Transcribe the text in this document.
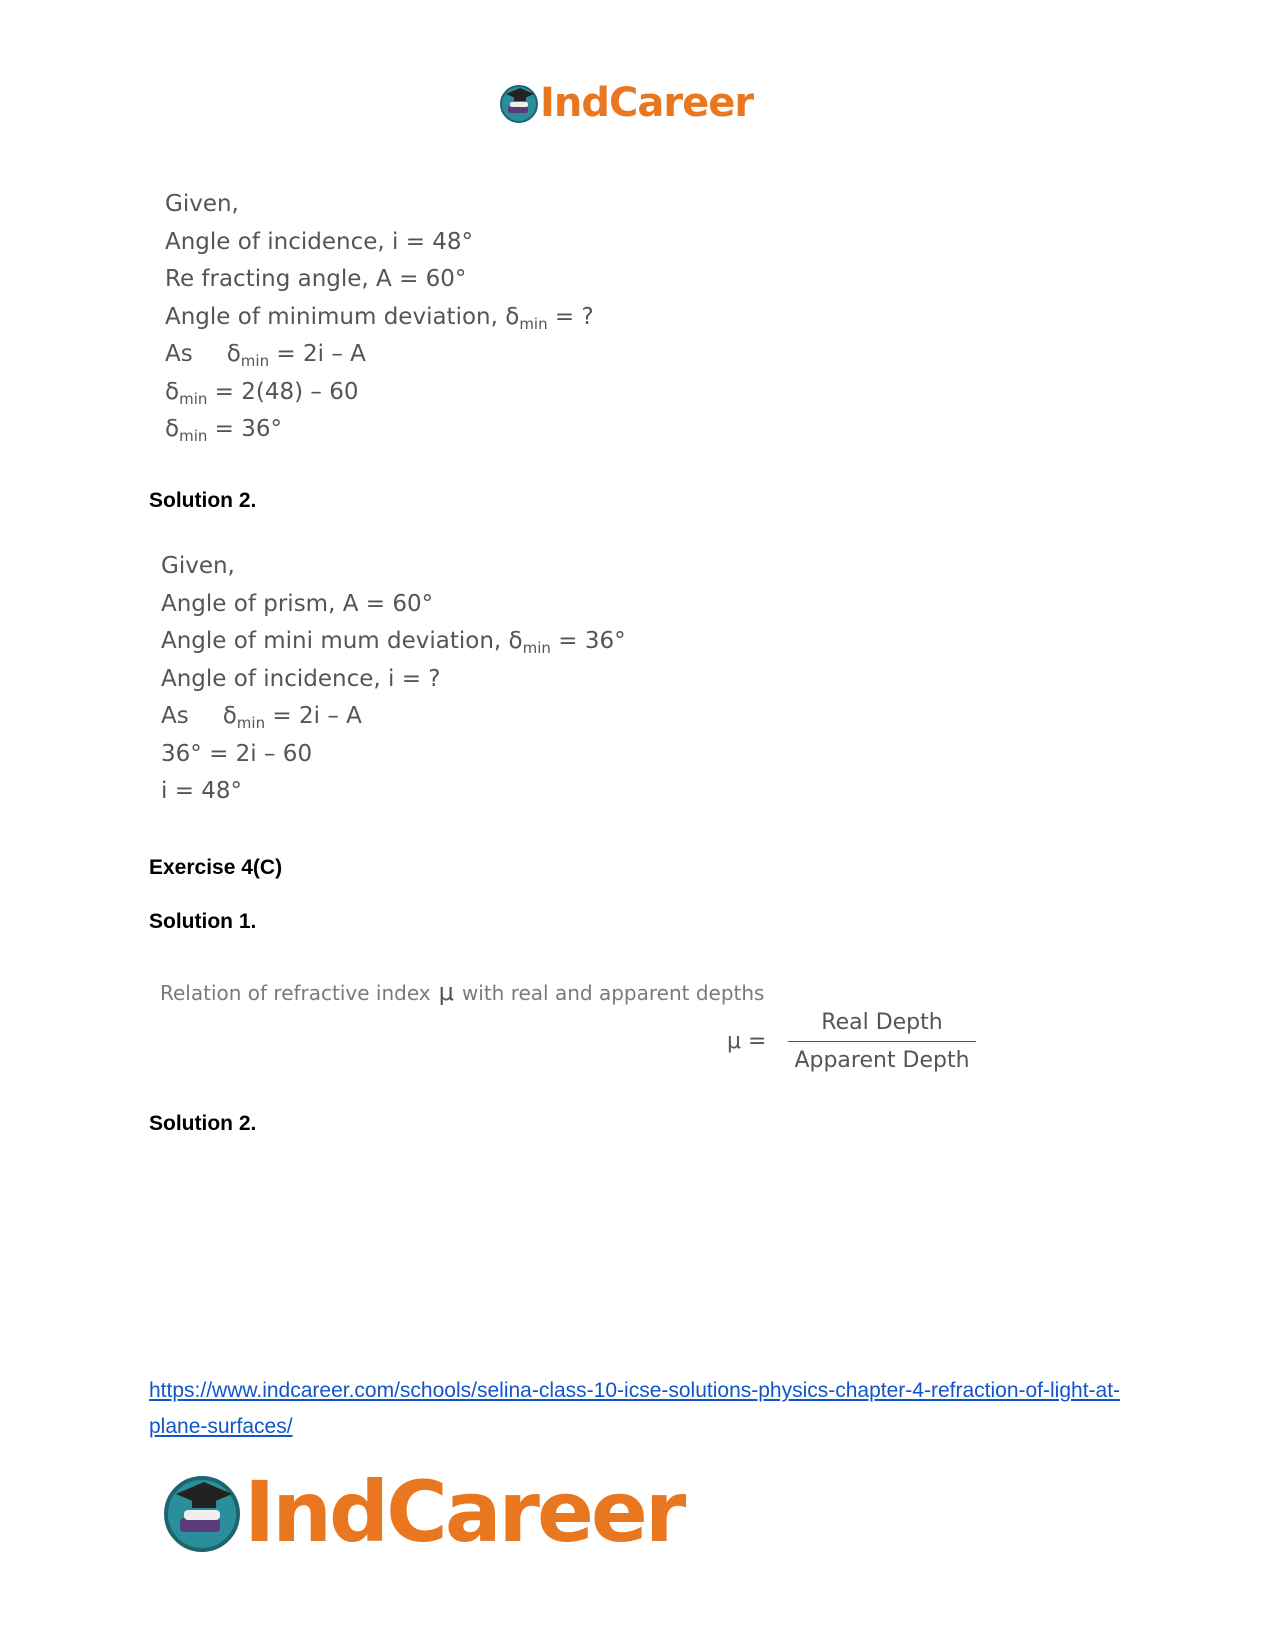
IndCareer
Given,
Angle of incidence, i = 48°
Re fracting angle, A = 60°
Angle of minimum deviation, $\delta_{min}$ = ?
As $\delta_{min} = 2i - A$
$\delta_{min} = 2(48) - 60$
$\delta_{min} = 36^\circ$
Solution 2.
Given,
Angle of prism, A = 60°
Angle of mini mum deviation, $\delta_{min} = 36^\circ$
Angle of incidence, i = ?
As $\delta_{min} = 2i - A$
36° = 2i – 60
i = 48°
Exercise 4(C)
Solution 1.
Relation of refractive index μ with real and apparent depths
$\mu = \frac{\text{Real Depth}}{\text{Apparent Depth}}$
Solution 2.
https://www.indcareer.com/schools/selina-class-10-icse-solutions-physics-chapter-4-refraction-of-light-at-plane-surfaces/
IndCareer
